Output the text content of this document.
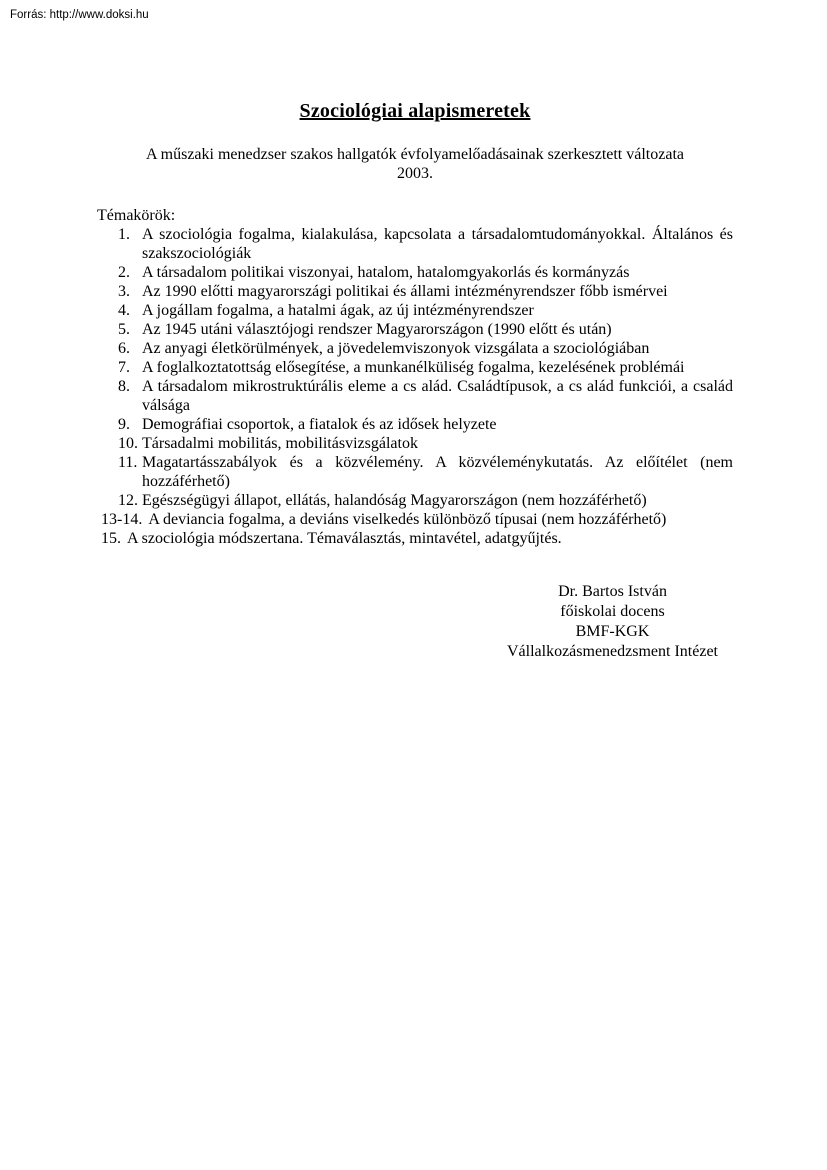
Forrás: http://www.doksi.hu
Szociológiai alapismeretek
A műszaki menedzser szakos hallgatók évfolyamelőadásainak szerkesztett változata
2003.
Témakörök:
1. A szociológia fogalma, kialakulása, kapcsolata a társadalomtudományokkal. Általános és szakszociológiák
2. A társadalom politikai viszonyai, hatalom, hatalomgyakorlás és kormányzás
3. Az 1990 előtti magyarországi politikai és állami intézményrendszer főbb ismérvei
4. A jogállam fogalma, a hatalmi ágak, az új intézményrendszer
5. Az 1945 utáni választójogi rendszer Magyarországon (1990 előtt és után)
6. Az anyagi életkörülmények, a jövedelemviszonyok vizsgálata a szociológiában
7. A foglalkoztatottság elősegítése, a munkanélküliség fogalma, kezelésének problémái
8. A társadalom mikrostruktúrális eleme a cs alád. Családtípusok, a cs alád funkciói, a család válsága
9. Demográfiai csoportok, a fiatalok és az idősek helyzete
10. Társadalmi mobilitás, mobilitásvizsgálatok
11. Magatartásszabályok és a közvélemény. A közvéleménykutatás. Az előítélet (nem hozzáférhető)
12. Egészségügyi állapot, ellátás, halandóság Magyarországon (nem hozzáférhető)
13-14. A deviancia fogalma, a deviáns viselkedés különböző típusai (nem hozzáférhető)
15. A szociológia módszertana. Témaválasztás, mintavétel, adatgyűjtés.
Dr. Bartos István
főiskolai docens
BMF-KGK
Vállalkozásmenedzsment Intézet
